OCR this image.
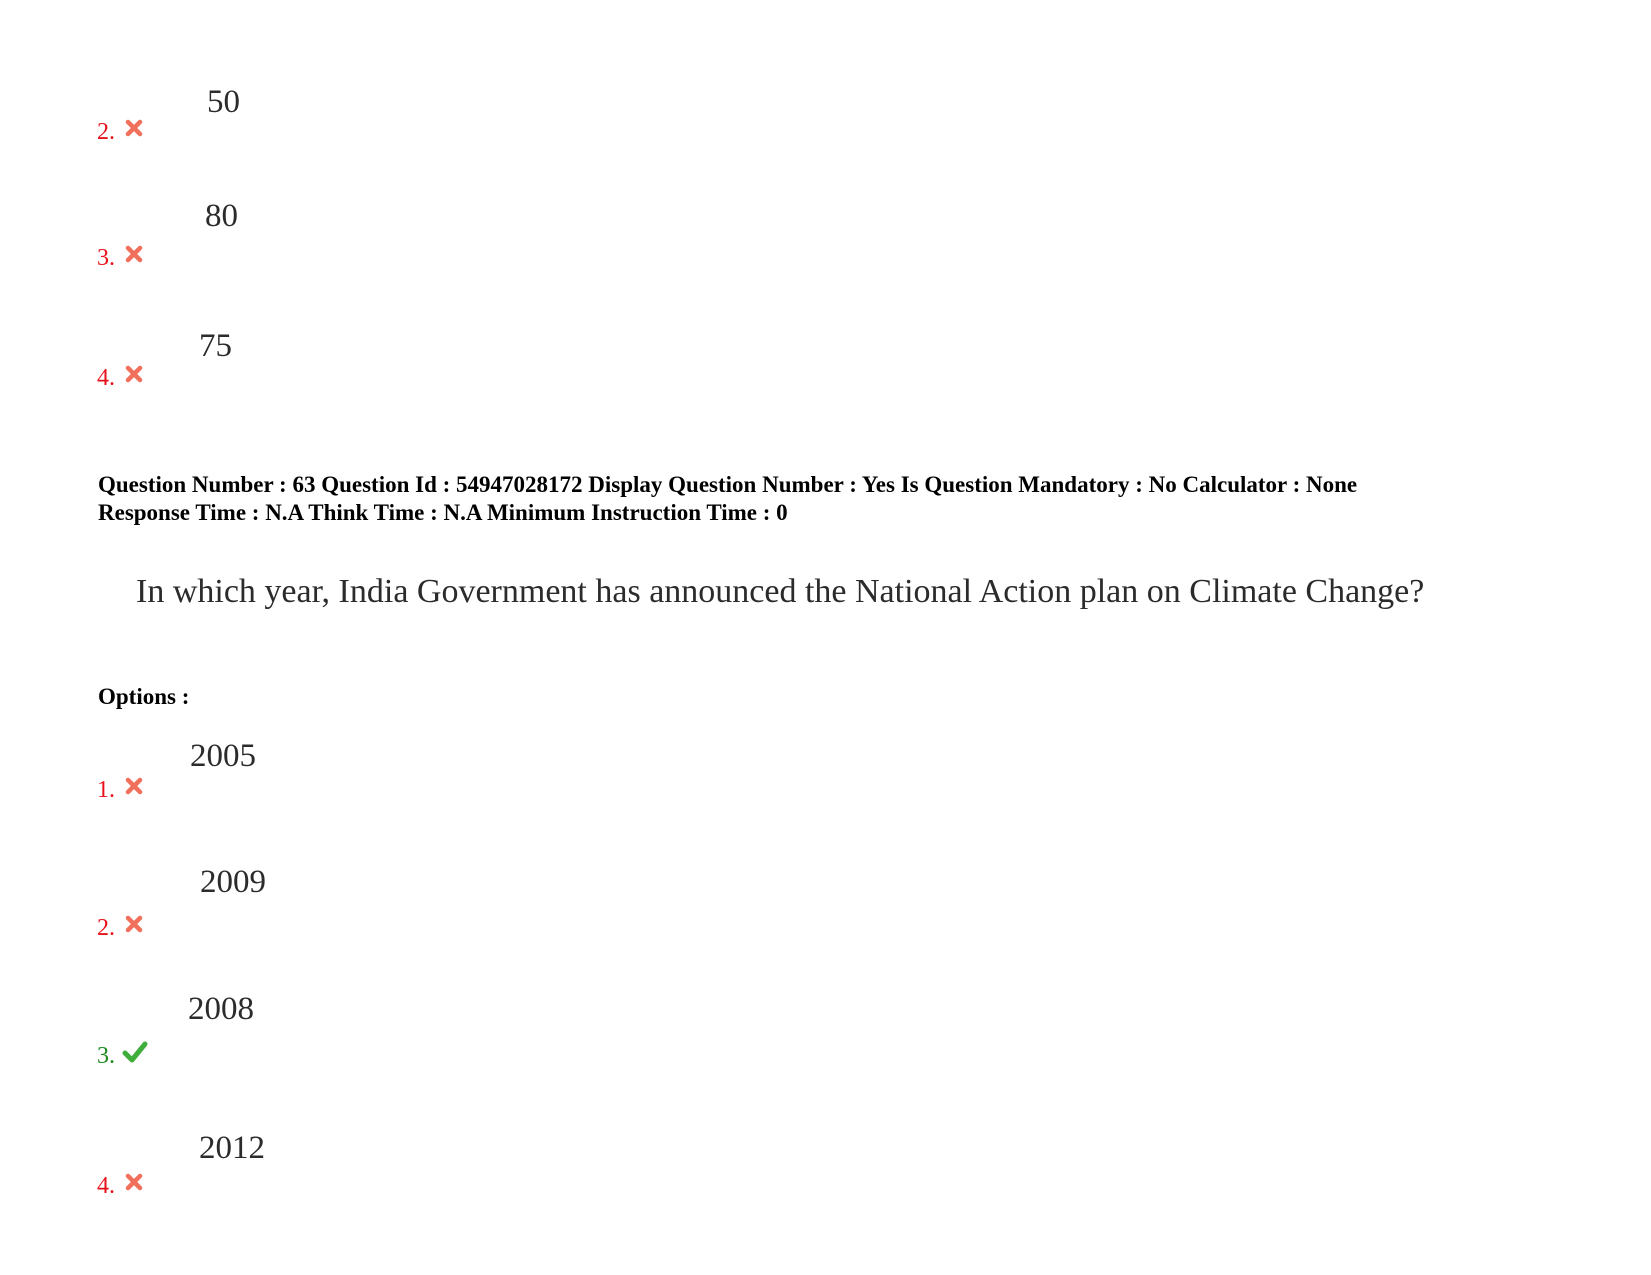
50
2.
80
3.
75
4.
Question Number : 63 Question Id : 54947028172 Display Question Number : Yes Is Question Mandatory : No Calculator : None
Response Time : N.A Think Time : N.A Minimum Instruction Time : 0
In which year, India Government has announced the National Action plan on Climate Change?
Options :
2005
1.
2009
2.
2008
3.
2012
4.
